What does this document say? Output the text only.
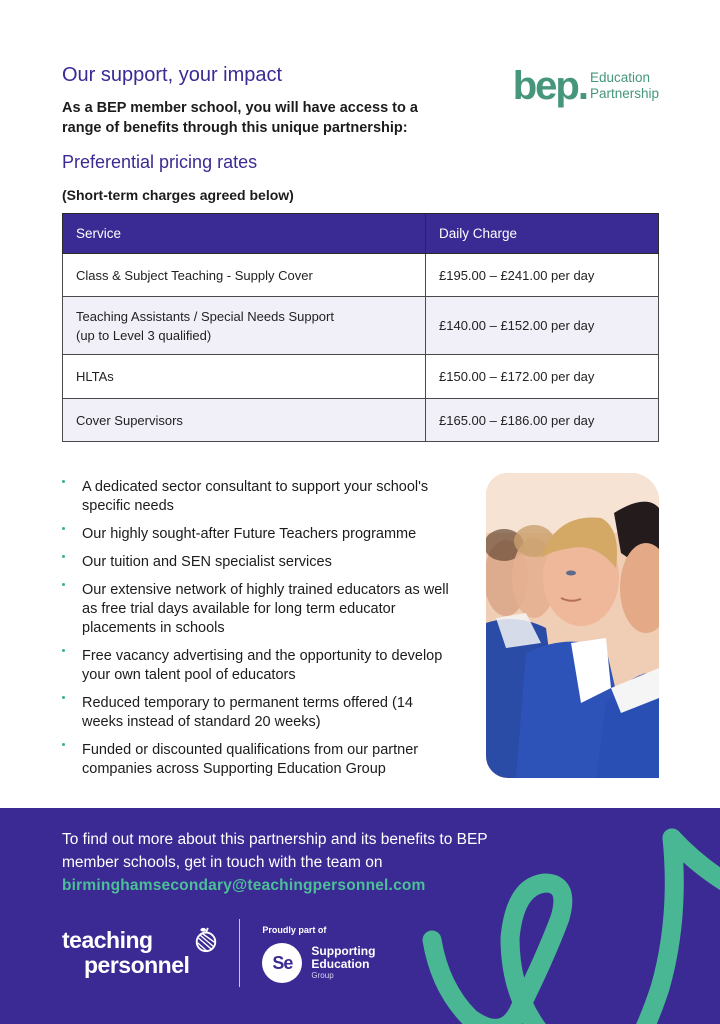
Our support, your impact
As a BEP member school, you will have access to a range of benefits through this unique partnership:
bep. Education
Partnership
Preferential pricing rates
(Short-term charges agreed below)
Service	Daily Charge
Class & Subject Teaching - Supply Cover	£195.00 – £241.00 per day

Teaching Assistants / Special Needs Support
(up to Level 3 qualified)	£140.00 – £152.00 per day
HLTAs	£150.00 – £172.00 per day
Cover Supervisors	£165.00 – £186.00 per day
A dedicated sector consultant to support your school's specific needs
Our highly sought-after Future Teachers programme
Our tuition and SEN specialist services
Our extensive network of highly trained educators as well as free trial days available for long term educator placements in schools
Free vacancy advertising and the opportunity to develop your own talent pool of educators
Reduced temporary to permanent terms offered (14 weeks instead of standard 20 weeks)
Funded or discounted qualifications from our partner companies across Supporting Education Group
To find out more about this partnership and its benefits to BEP member schools, get in touch with the team on
birminghamsecondary@teachingpersonnel.com
teaching
personnel
Proudly part of
Se
Supporting
Education
Group
